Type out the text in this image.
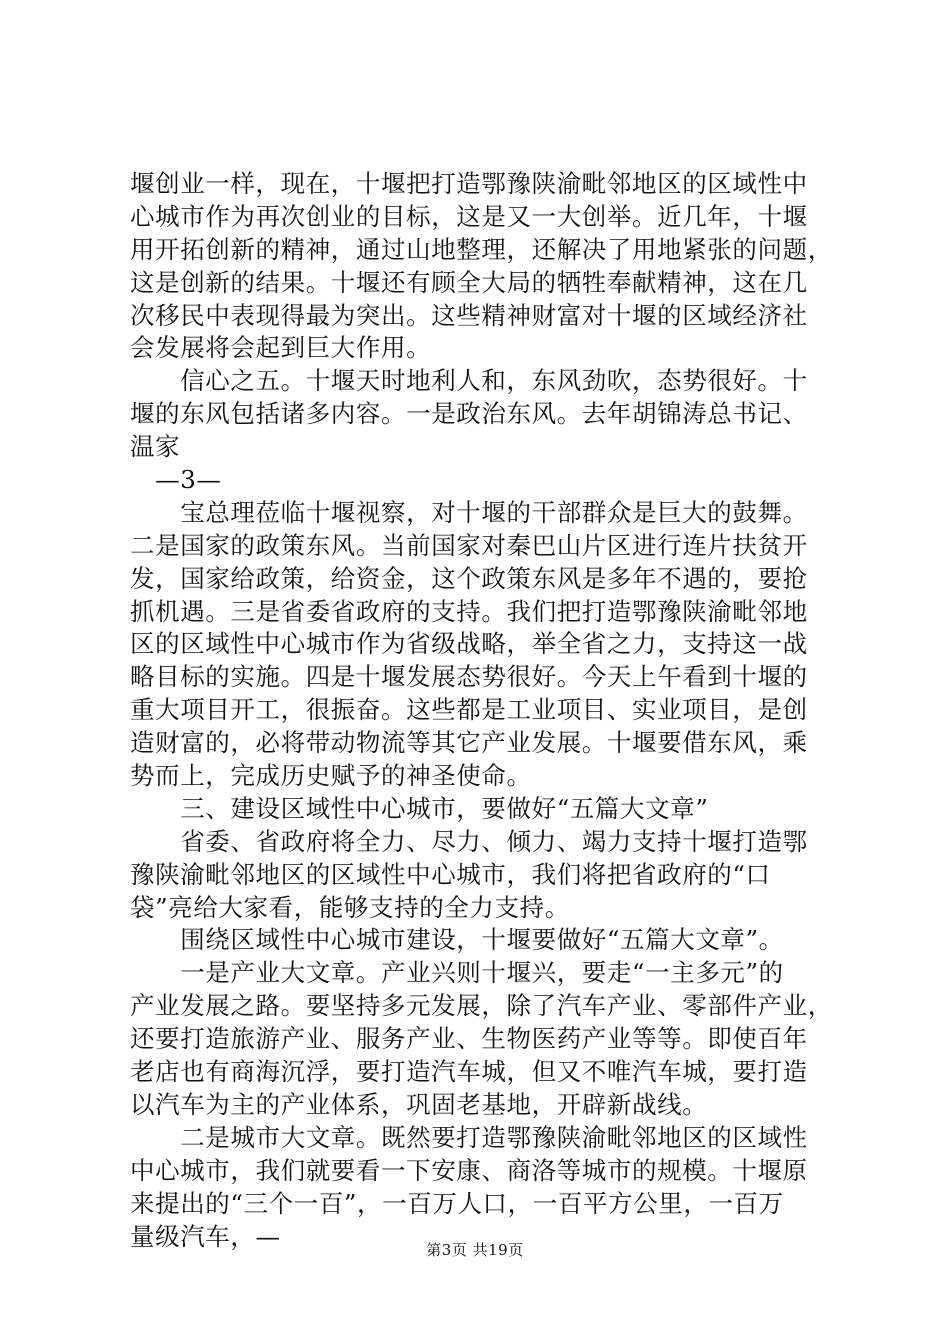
堰创业一样，现在，十堰把打造鄂豫陕渝毗邻地区的区域性中
心城市作为再次创业的目标，这是又一大创举。近几年，十堰
用开拓创新的精神，通过山地整理，还解决了用地紧张的问题，
这是创新的结果。十堰还有顾全大局的牺牲奉献精神，这在几
次移民中表现得最为突出。这些精神财富对十堰的区域经济社
会发展将会起到巨大作用。
　　信心之五。十堰天时地利人和，东风劲吹，态势很好。十
堰的东风包括诸多内容。一是政治东风。去年胡锦涛总书记、
温家
　—3—
　　宝总理莅临十堰视察，对十堰的干部群众是巨大的鼓舞。
二是国家的政策东风。当前国家对秦巴山片区进行连片扶贫开
发，国家给政策，给资金，这个政策东风是多年不遇的，要抢
抓机遇。三是省委省政府的支持。我们把打造鄂豫陕渝毗邻地
区的区域性中心城市作为省级战略，举全省之力，支持这一战
略目标的实施。四是十堰发展态势很好。今天上午看到十堰的
重大项目开工，很振奋。这些都是工业项目、实业项目，是创
造财富的，必将带动物流等其它产业发展。十堰要借东风，乘
势而上，完成历史赋予的神圣使命。
　　三、建设区域性中心城市，要做好“五篇大文章”
　　省委、省政府将全力、尽力、倾力、竭力支持十堰打造鄂
豫陕渝毗邻地区的区域性中心城市，我们将把省政府的“口
袋”亮给大家看，能够支持的全力支持。
　　围绕区域性中心城市建设，十堰要做好“五篇大文章”。
　　一是产业大文章。产业兴则十堰兴，要走“一主多元”的
产业发展之路。要坚持多元发展，除了汽车产业、零部件产业，
还要打造旅游产业、服务产业、生物医药产业等等。即使百年
老店也有商海沉浮，要打造汽车城，但又不唯汽车城，要打造
以汽车为主的产业体系，巩固老基地，开辟新战线。
　　二是城市大文章。既然要打造鄂豫陕渝毗邻地区的区域性
中心城市，我们就要看一下安康、商洛等城市的规模。十堰原
来提出的“三个一百”，一百万人口，一百平方公里，一百万
量级汽车，—	第3页 共19页
